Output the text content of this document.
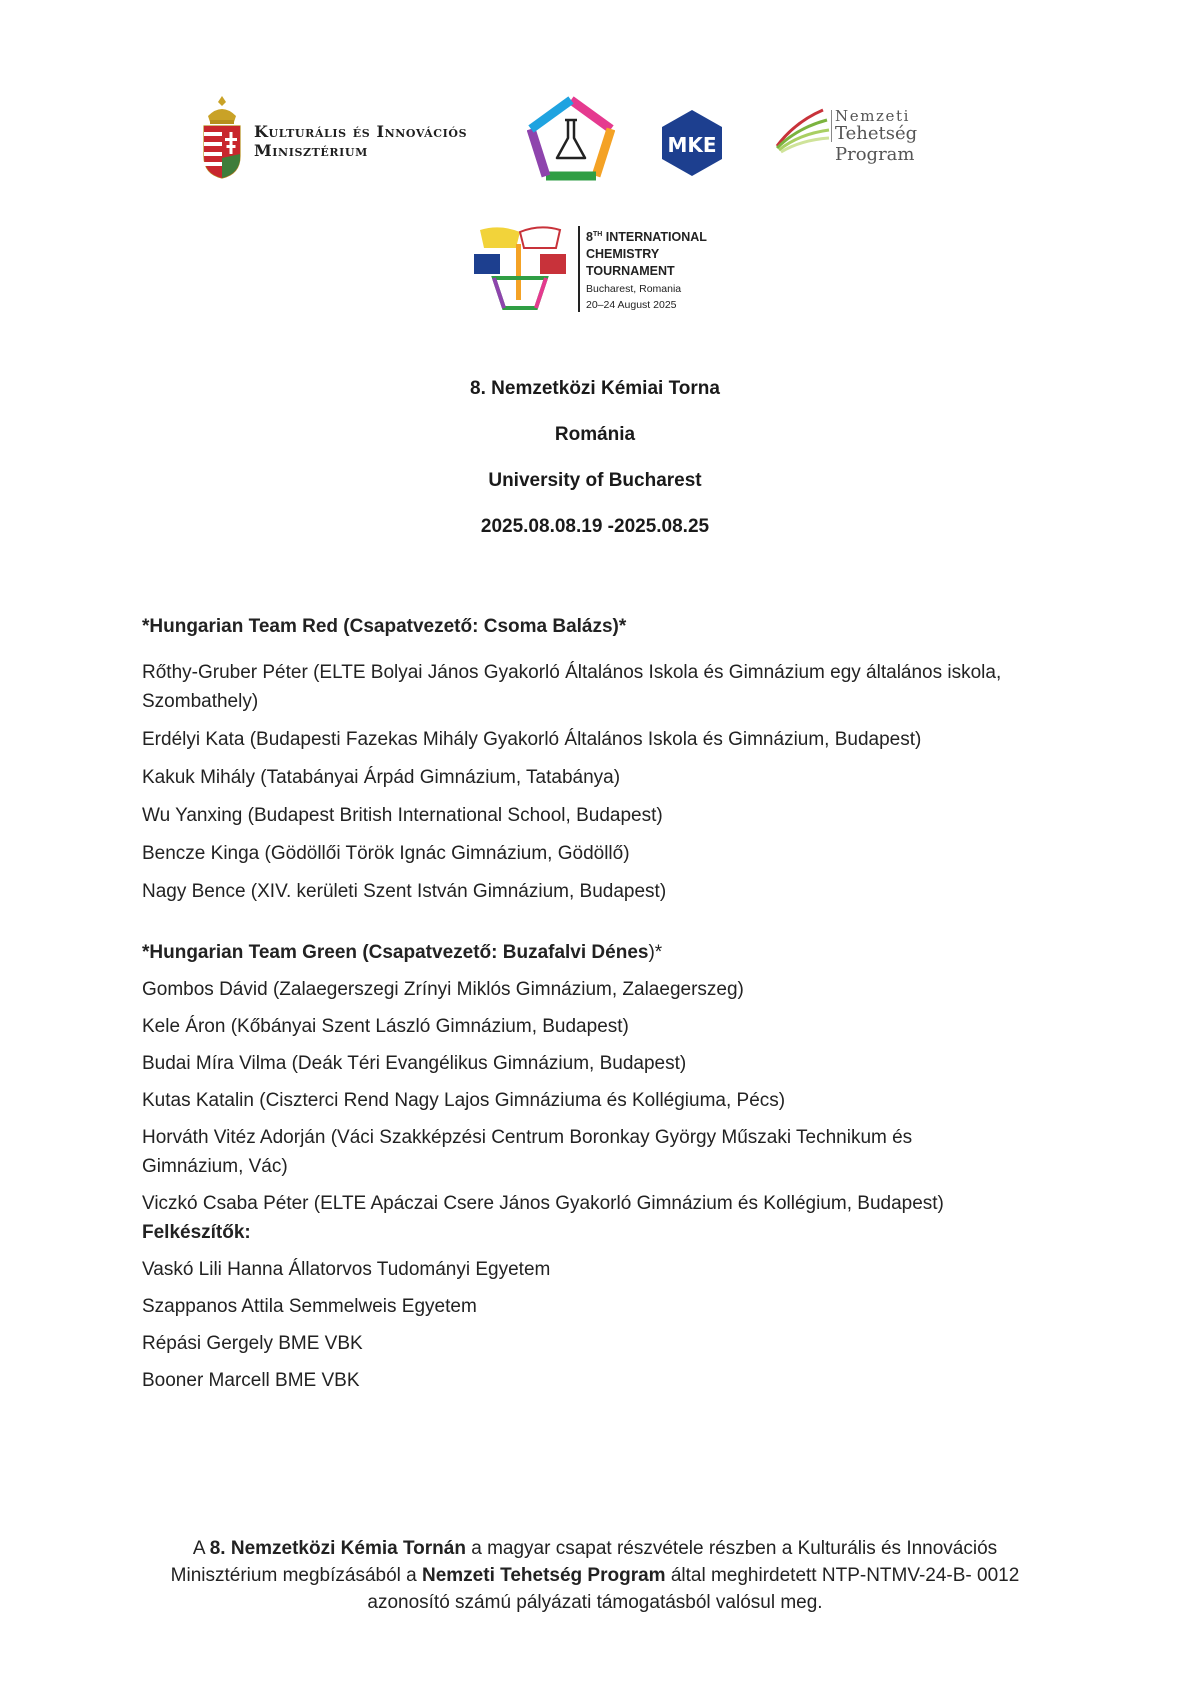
Kulturális és Innovációs
Minisztérium	MKE
Nemzeti
Tehetség Program
8TH INTERNATIONAL
CHEMISTRY
TOURNAMENT
Bucharest, Romania
20–24 August 2025
8. Nemzetközi Kémiai Torna
Románia
University of Bucharest
2025.08.08.19 -2025.08.25
*Hungarian Team Red (Csapatvezető: Csoma Balázs)*
Rőthy-Gruber Péter (ELTE Bolyai János Gyakorló Általános Iskola és Gimnázium egy általános iskola,
Szombathely)
Erdélyi Kata (Budapesti Fazekas Mihály Gyakorló Általános Iskola és Gimnázium, Budapest)
Kakuk Mihály (Tatabányai Árpád Gimnázium, Tatabánya)
Wu Yanxing (Budapest British International School, Budapest)
Bencze Kinga (Gödöllői Török Ignác Gimnázium, Gödöllő)
Nagy Bence (XIV. kerületi Szent István Gimnázium, Budapest)
*Hungarian Team Green (Csapatvezető: Buzafalvi Dénes)*
Gombos Dávid (Zalaegerszegi Zrínyi Miklós Gimnázium, Zalaegerszeg)
Kele Áron (Kőbányai Szent László Gimnázium, Budapest)
Budai Míra Vilma (Deák Téri Evangélikus Gimnázium, Budapest)
Kutas Katalin (Ciszterci Rend Nagy Lajos Gimnáziuma és Kollégiuma, Pécs)
Horváth Vitéz Adorján (Váci Szakképzési Centrum Boronkay György Műszaki Technikum és
Gimnázium, Vác)
Viczkó Csaba Péter (ELTE Apáczai Csere János Gyakorló Gimnázium és Kollégium, Budapest)
Felkészítők:
Vaskó Lili Hanna Állatorvos Tudományi Egyetem
Szappanos Attila Semmelweis Egyetem
Répási Gergely BME VBK
Booner Marcell BME VBK
A 8. Nemzetközi Kémia Tornán a magyar csapat részvétele részben a Kulturális és Innovációs Minisztérium megbízásából a Nemzeti Tehetség Program által meghirdetett NTP-NTMV-24-B- 0012 azonosító számú pályázati támogatásból valósul meg.
